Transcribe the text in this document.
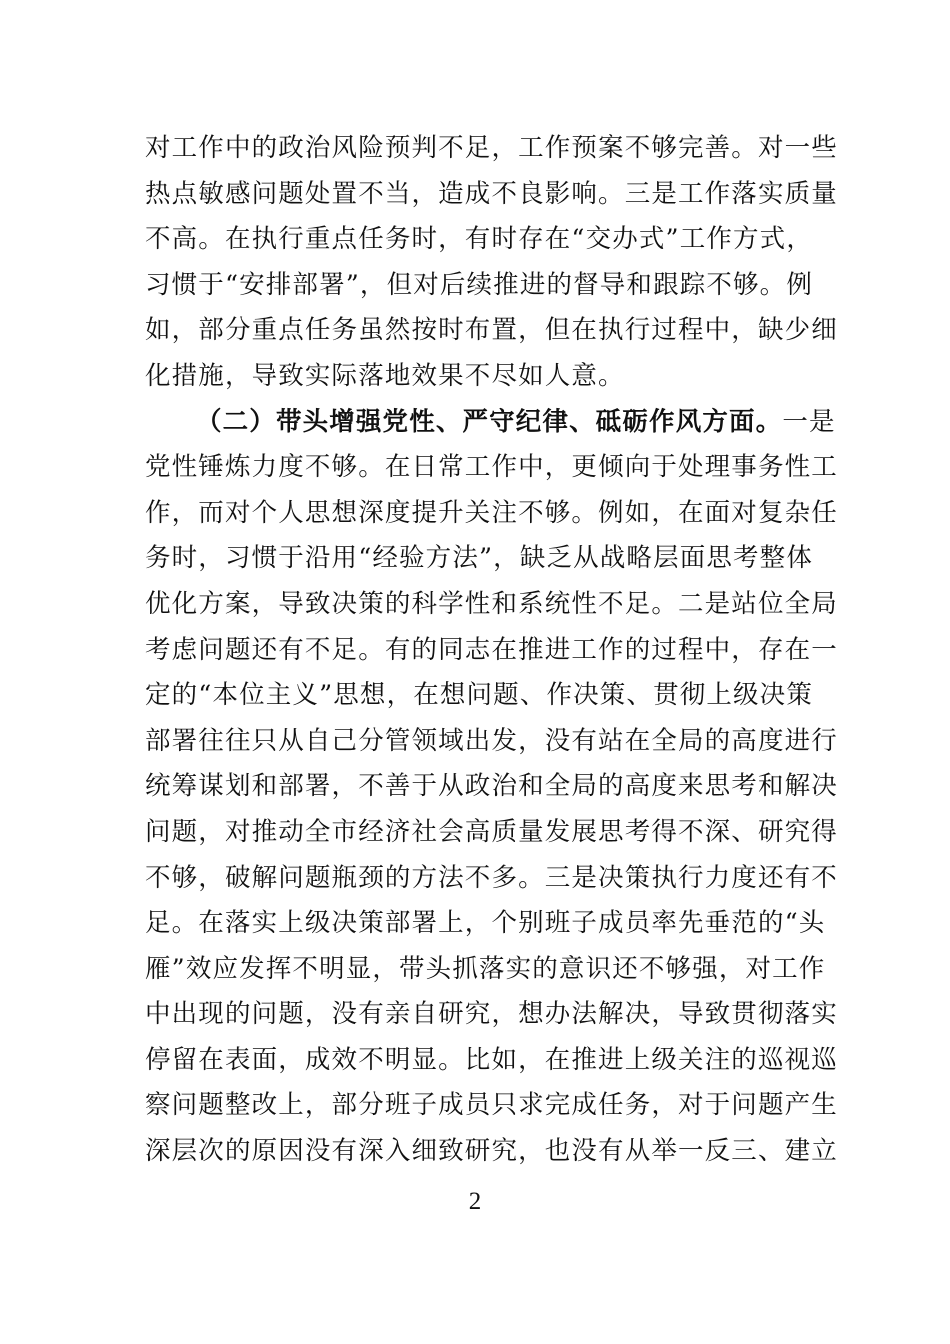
对工作中的政治风险预判不足，工作预案不够完善。对一些
热点敏感问题处置不当，造成不良影响。三是工作落实质量
不高。在执行重点任务时，有时存在“交办式”工作方式，
习惯于“安排部署”，但对后续推进的督导和跟踪不够。例
如，部分重点任务虽然按时布置，但在执行过程中，缺少细
化措施，导致实际落地效果不尽如人意。
（二）带头增强党性、严守纪律、砥砺作风方面。一是
党性锤炼力度不够。在日常工作中，更倾向于处理事务性工
作，而对个人思想深度提升关注不够。例如，在面对复杂任
务时，习惯于沿用“经验方法”，缺乏从战略层面思考整体
优化方案，导致决策的科学性和系统性不足。二是站位全局
考虑问题还有不足。有的同志在推进工作的过程中，存在一
定的“本位主义”思想，在想问题、作决策、贯彻上级决策
部署往往只从自己分管领域出发，没有站在全局的高度进行
统筹谋划和部署，不善于从政治和全局的高度来思考和解决
问题，对推动全市经济社会高质量发展思考得不深、研究得
不够，破解问题瓶颈的方法不多。三是决策执行力度还有不
足。在落实上级决策部署上，个别班子成员率先垂范的“头
雁”效应发挥不明显，带头抓落实的意识还不够强，对工作
中出现的问题，没有亲自研究，想办法解决，导致贯彻落实
停留在表面，成效不明显。比如，在推进上级关注的巡视巡
察问题整改上，部分班子成员只求完成任务，对于问题产生
深层次的原因没有深入细致研究，也没有从举一反三、建立
2
